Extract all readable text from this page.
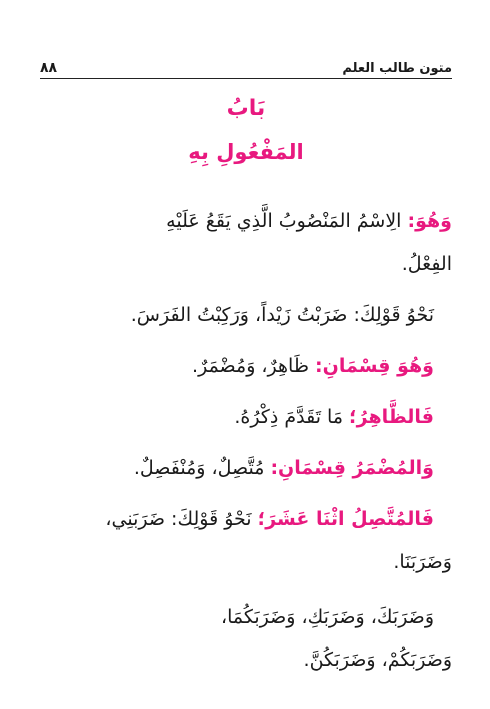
٨٨	متون طالب العلم
بَابُ
المَفْعُولِ بِهِ
وَهُوَ: الِاسْمُ المَنْصُوبُ الَّذِي يَقَعُ عَلَيْهِ
الفِعْلُ.
نَحْوُ قَوْلِكَ: ضَرَبْتُ زَيْداً، وَرَكِبْتُ الفَرَسَ.
وَهُوَ قِسْمَانِ: ظَاهِرٌ، وَمُضْمَرٌ.
فَالظَّاهِرُ؛ مَا تَقَدَّمَ ذِكْرُهُ.
وَالمُضْمَرُ قِسْمَانِ: مُتَّصِلٌ، وَمُنْفَصِلٌ.
فَالمُتَّصِلُ اثْنَا عَشَرَ؛ نَحْوُ قَوْلِكَ: ضَرَبَنِي،
وَضَرَبَنَا.
وَضَرَبَكَ، وَضَرَبَكِ، وَضَرَبَكُمَا،
وَضَرَبَكُمْ، وَضَرَبَكُنَّ.
